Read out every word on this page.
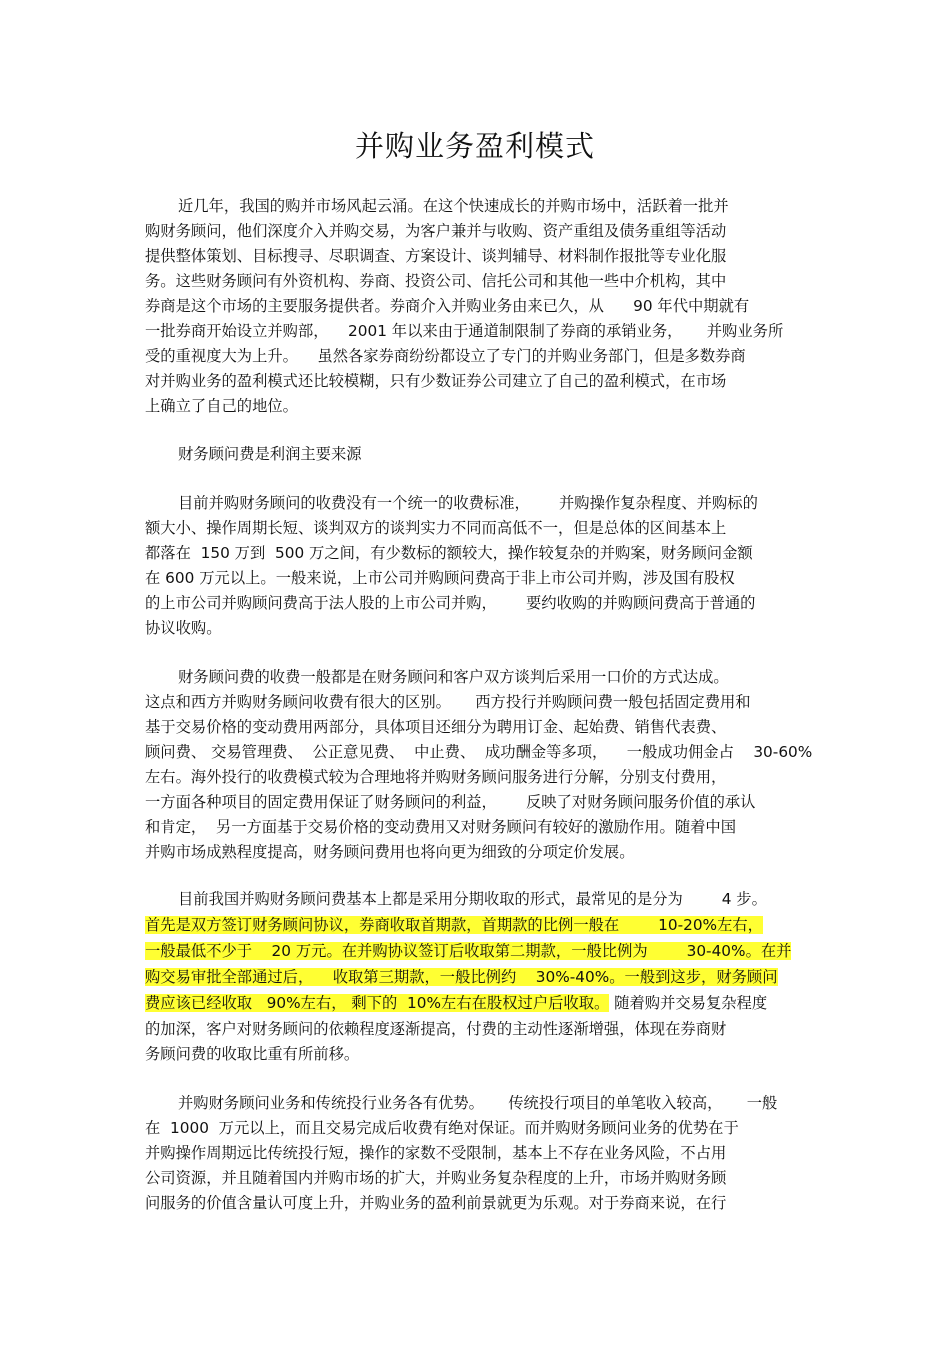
并购业务盈利模式
近几年，我国的购并市场风起云涌。在这个快速成长的并购市场中，活跃着一批并
购财务顾问，他们深度介入并购交易，为客户兼并与收购、资产重组及债务重组等活动
提供整体策划、目标搜寻、尽职调查、方案设计、谈判辅导、材料制作报批等专业化服
务。这些财务顾问有外资机构、券商、投资公司、信托公司和其他一些中介机构，其中
券商是这个市场的主要服务提供者。券商介入并购业务由来已久，从      90 年代中期就有
一批券商开始设立并购部，    2001 年以来由于通道制限制了券商的承销业务，     并购业务所
受的重视度大为上升。    虽然各家券商纷纷都设立了专门的并购业务部门，但是多数券商
对并购业务的盈利模式还比较模糊，只有少数证券公司建立了自己的盈利模式，在市场
上确立了自己的地位。
财务顾问费是利润主要来源
目前并购财务顾问的收费没有一个统一的收费标准，      并购操作复杂程度、并购标的
额大小、操作周期长短、谈判双方的谈判实力不同而高低不一，但是总体的区间基本上
都落在  150 万到  500 万之间，有少数标的额较大，操作较复杂的并购案，财务顾问金额
在 600 万元以上。一般来说，上市公司并购顾问费高于非上市公司并购，涉及国有股权
的上市公司并购顾问费高于法人股的上市公司并购，      要约收购的并购顾问费高于普通的
协议收购。
财务顾问费的收费一般都是在财务顾问和客户双方谈判后采用一口价的方式达成。
这点和西方并购财务顾问收费有很大的区别。     西方投行并购顾问费一般包括固定费用和
基于交易价格的变动费用两部分，具体项目还细分为聘用订金、起始费、销售代表费、
顾问费、 交易管理费、  公正意见费、  中止费、  成功酬金等多项，    一般成功佣金占    30-60%
左右。海外投行的收费模式较为合理地将并购财务顾问服务进行分解，分别支付费用，
一方面各种项目的固定费用保证了财务顾问的利益，      反映了对财务顾问服务价值的承认
和肯定，  另一方面基于交易价格的变动费用又对财务顾问有较好的激励作用。随着中国
并购市场成熟程度提高，财务顾问费用也将向更为细致的分项定价发展。
目前我国并购财务顾问费基本上都是采用分期收取的形式，最常见的是分为        4 步。
首先是双方签订财务顾问协议，券商收取首期款，首期款的比例一般在        10-20%左右，
一般最低不少于    20 万元。在并购协议签订后收取第二期款，一般比例为        30-40%。在并
购交易审批全部通过后，    收取第三期款，一般比例约    30%-40%。一般到这步，财务顾问
费应该已经收取   90%左右， 剩下的  10%左右在股权过户后收取。 随着购并交易复杂程度
的加深，客户对财务顾问的依赖程度逐渐提高，付费的主动性逐渐增强，体现在券商财
务顾问费的收取比重有所前移。
并购财务顾问业务和传统投行业务各有优势。     传统投行项目的单笔收入较高，     一般
在  1000  万元以上，而且交易完成后收费有绝对保证。而并购财务顾问业务的优势在于
并购操作周期远比传统投行短，操作的家数不受限制，基本上不存在业务风险，不占用
公司资源，并且随着国内并购市场的扩大，并购业务复杂程度的上升，市场并购财务顾
问服务的价值含量认可度上升，并购业务的盈利前景就更为乐观。对于券商来说，在行
